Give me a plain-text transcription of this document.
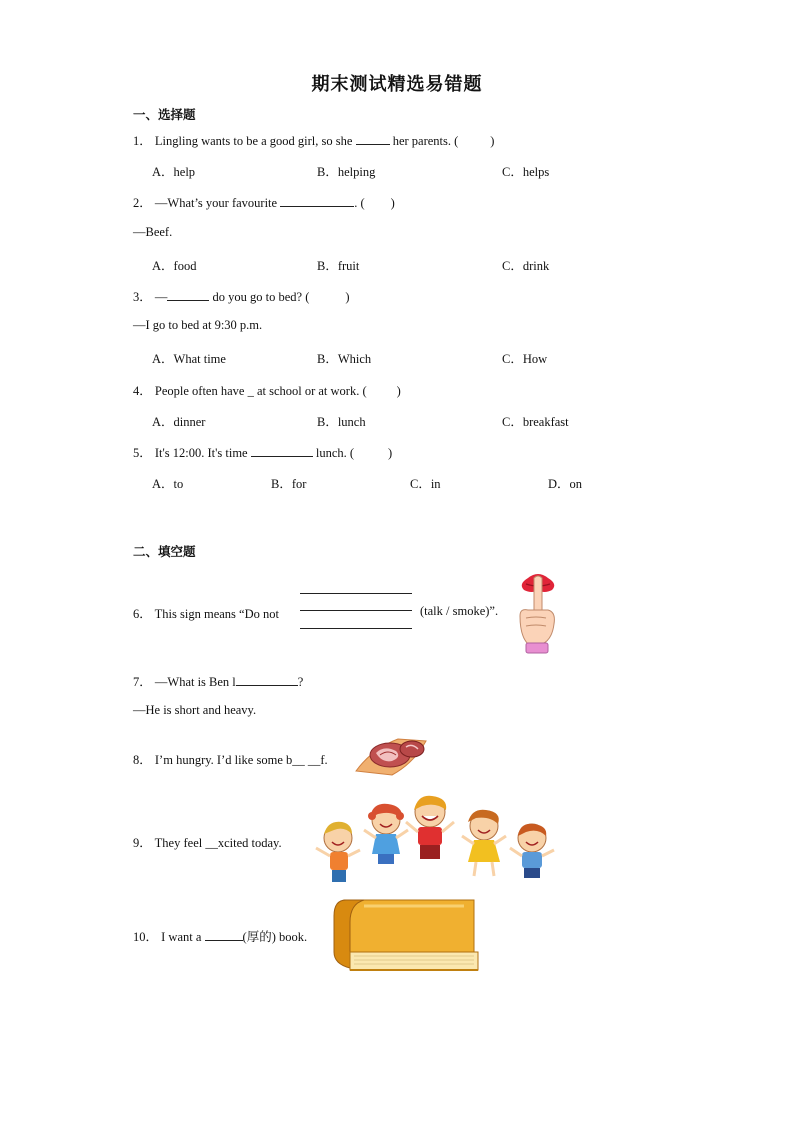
期末测试精选易错题
一、选择题
1． Lingling wants to be a good girl, so she	her parents. (	)
A．help	B．helping	C．helps
2． —What’s your favourite	. ( )
—Beef.
A．food	B．fruit	C．drink
3． —	do you go to bed? (	)
—I go to bed at 9:30 p.m.
A．What time	B．Which	C．How
4． People often have _ at school or at work. ( )
A．dinner	B．lunch	C．breakfast
5． It's 12:00. It's time	lunch. (	)
A．to	B．for	C．in	D．on
二、填空题
6． This sign means “Do not	(talk / smoke)”.
7． —What is Ben l	?
—He is short and heavy.
8． I’m hungry. I’d like some b__ __f.
9． They feel __xcited today.
10． I want a	(厚的) book.
